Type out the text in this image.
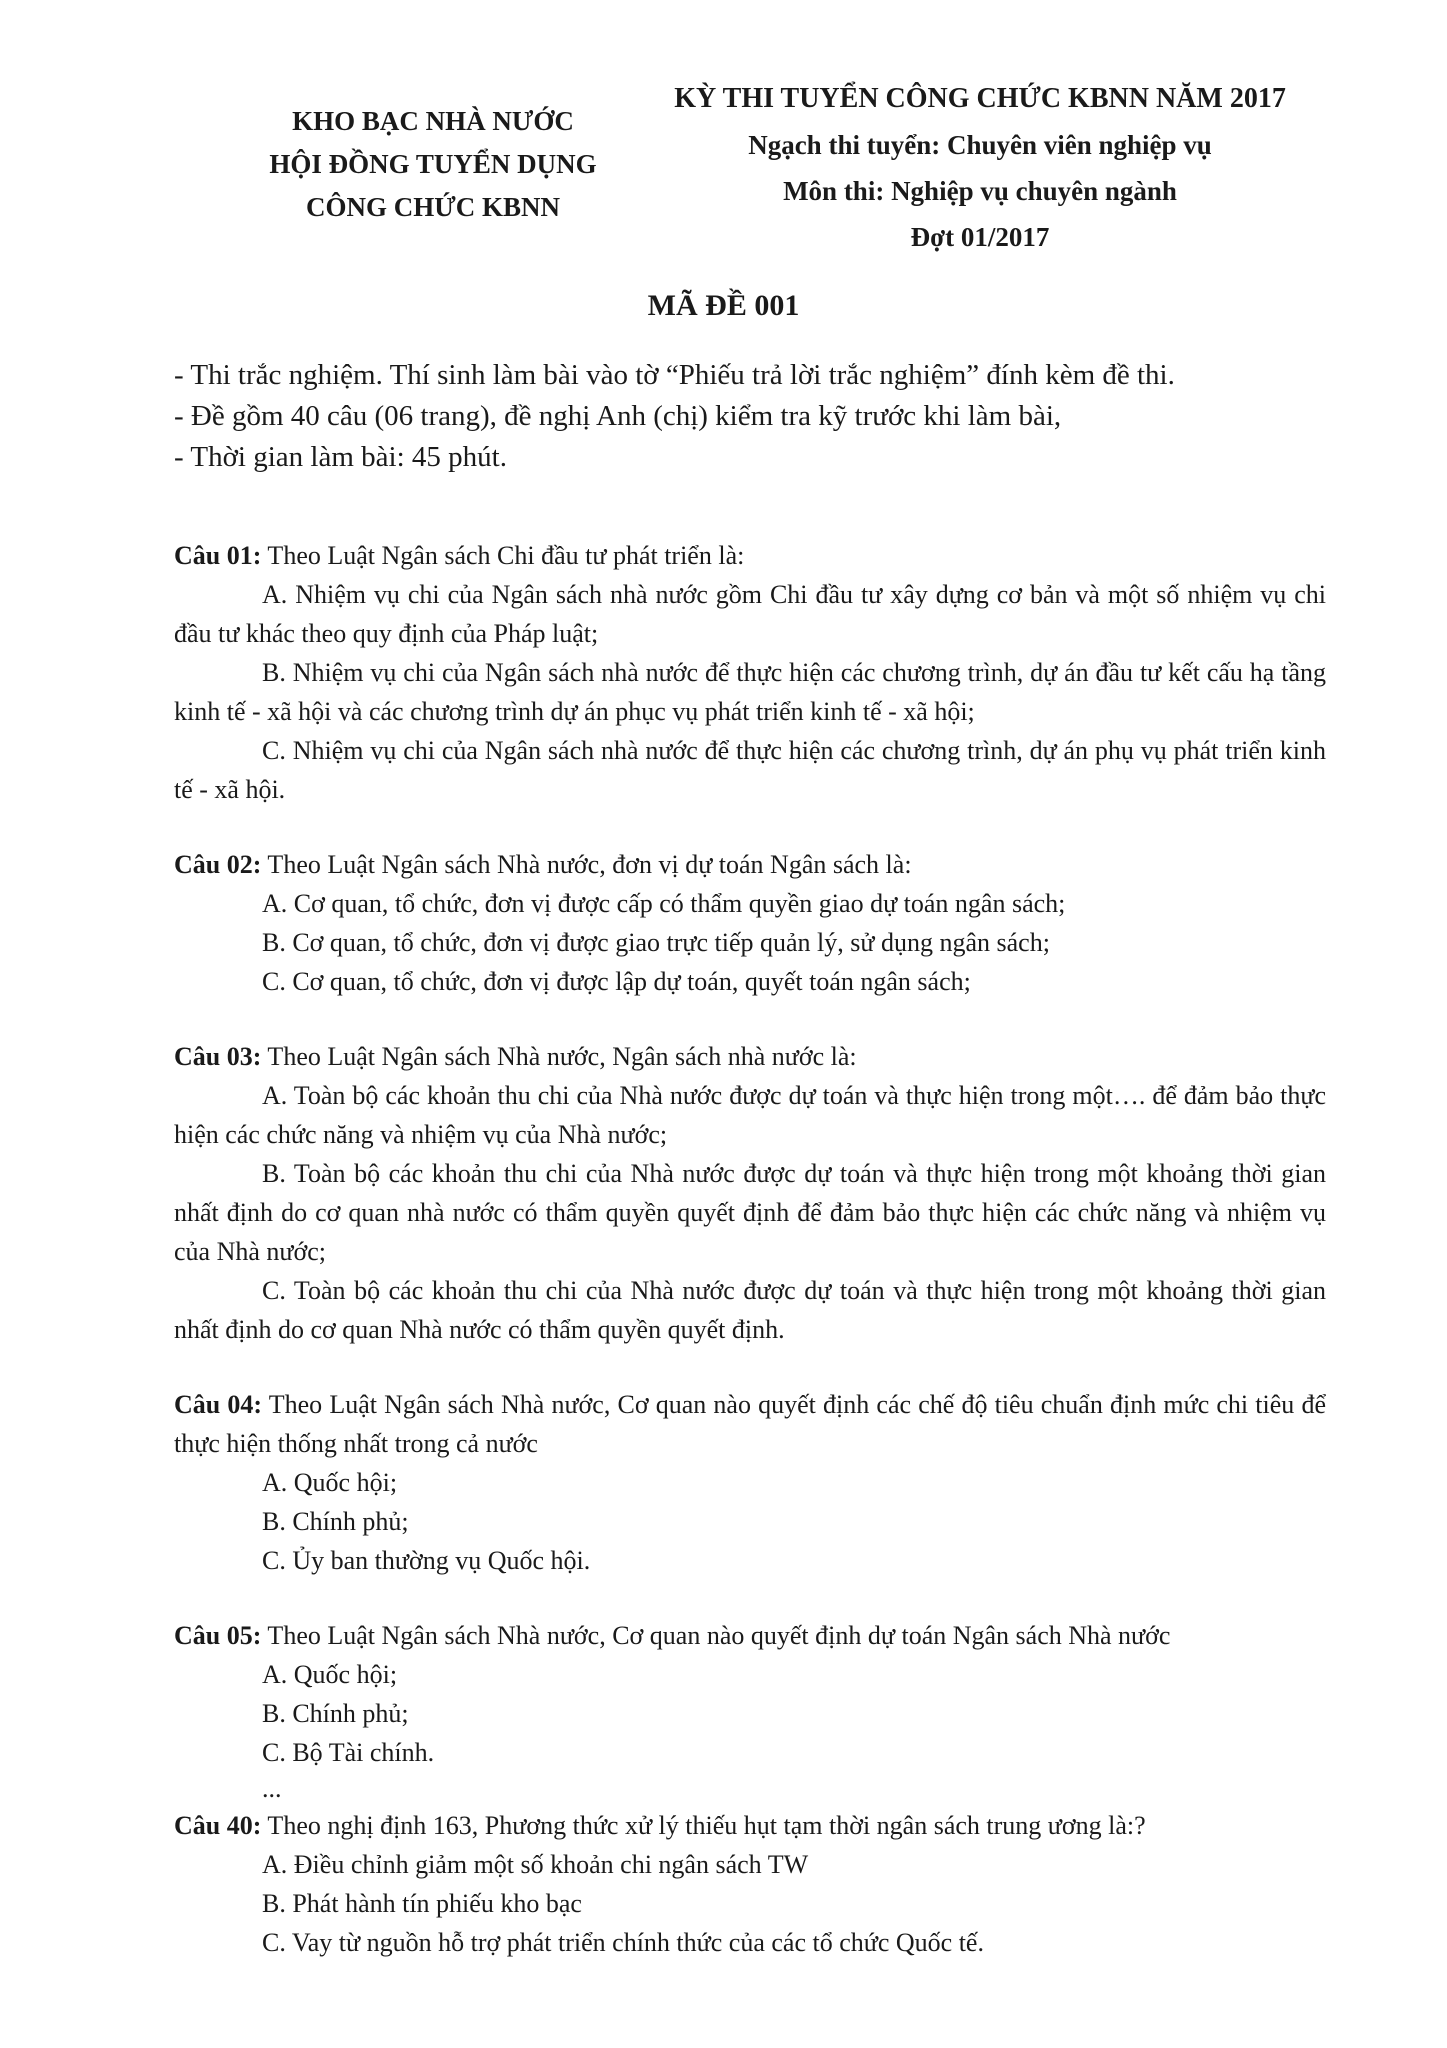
KHO BẠC NHÀ NƯỚC
HỘI ĐỒNG TUYỂN DỤNG
CÔNG CHỨC KBNN
KỲ THI TUYỂN CÔNG CHỨC KBNN NĂM 2017
Ngạch thi tuyển: Chuyên viên nghiệp vụ
Môn thi: Nghiệp vụ chuyên ngành
Đợt 01/2017
MÃ ĐỀ 001
- Thi trắc nghiệm. Thí sinh làm bài vào tờ “Phiếu trả lời trắc nghiệm” đính kèm đề thi.
- Đề gồm 40 câu (06 trang), đề nghị Anh (chị) kiểm tra kỹ trước khi làm bài,
- Thời gian làm bài: 45 phút.
Câu 01: Theo Luật Ngân sách Chi đầu tư phát triển là:
A. Nhiệm vụ chi của Ngân sách nhà nước gồm Chi đầu tư xây dựng cơ bản và một số nhiệm vụ chi đầu tư khác theo quy định của Pháp luật;
B. Nhiệm vụ chi của Ngân sách nhà nước để thực hiện các chương trình, dự án đầu tư kết cấu hạ tầng kinh tế - xã hội và các chương trình dự án phục vụ phát triển kinh tế - xã hội;
C. Nhiệm vụ chi của Ngân sách nhà nước để thực hiện các chương trình, dự án phụ vụ phát triển kinh tế - xã hội.
Câu 02: Theo Luật Ngân sách Nhà nước, đơn vị dự toán Ngân sách là:
A. Cơ quan, tổ chức, đơn vị được cấp có thẩm quyền giao dự toán ngân sách;
B. Cơ quan, tổ chức, đơn vị được giao trực tiếp quản lý, sử dụng ngân sách;
C. Cơ quan, tổ chức, đơn vị được lập dự toán, quyết toán ngân sách;
Câu 03: Theo Luật Ngân sách Nhà nước, Ngân sách nhà nước là:
A. Toàn bộ các khoản thu chi của Nhà nước được dự toán và thực hiện trong một…. để đảm bảo thực hiện các chức năng và nhiệm vụ của Nhà nước;
B. Toàn bộ các khoản thu chi của Nhà nước được dự toán và thực hiện trong một khoảng thời gian nhất định do cơ quan nhà nước có thẩm quyền quyết định để đảm bảo thực hiện các chức năng và nhiệm vụ của Nhà nước;
C. Toàn bộ các khoản thu chi của Nhà nước được dự toán và thực hiện trong một khoảng thời gian nhất định do cơ quan Nhà nước có thẩm quyền quyết định.
Câu 04: Theo Luật Ngân sách Nhà nước, Cơ quan nào quyết định các chế độ tiêu chuẩn định mức chi tiêu để thực hiện thống nhất trong cả nước
A. Quốc hội;
B. Chính phủ;
C. Ủy ban thường vụ Quốc hội.
Câu 05: Theo Luật Ngân sách Nhà nước, Cơ quan nào quyết định dự toán Ngân sách Nhà nước
A. Quốc hội;
B. Chính phủ;
C. Bộ Tài chính.
...
Câu 40: Theo nghị định 163, Phương thức xử lý thiếu hụt tạm thời ngân sách trung ương là:?
A. Điều chỉnh giảm một số khoản chi ngân sách TW
B. Phát hành tín phiếu kho bạc
C. Vay từ nguồn hỗ trợ phát triển chính thức của các tổ chức Quốc tế.
